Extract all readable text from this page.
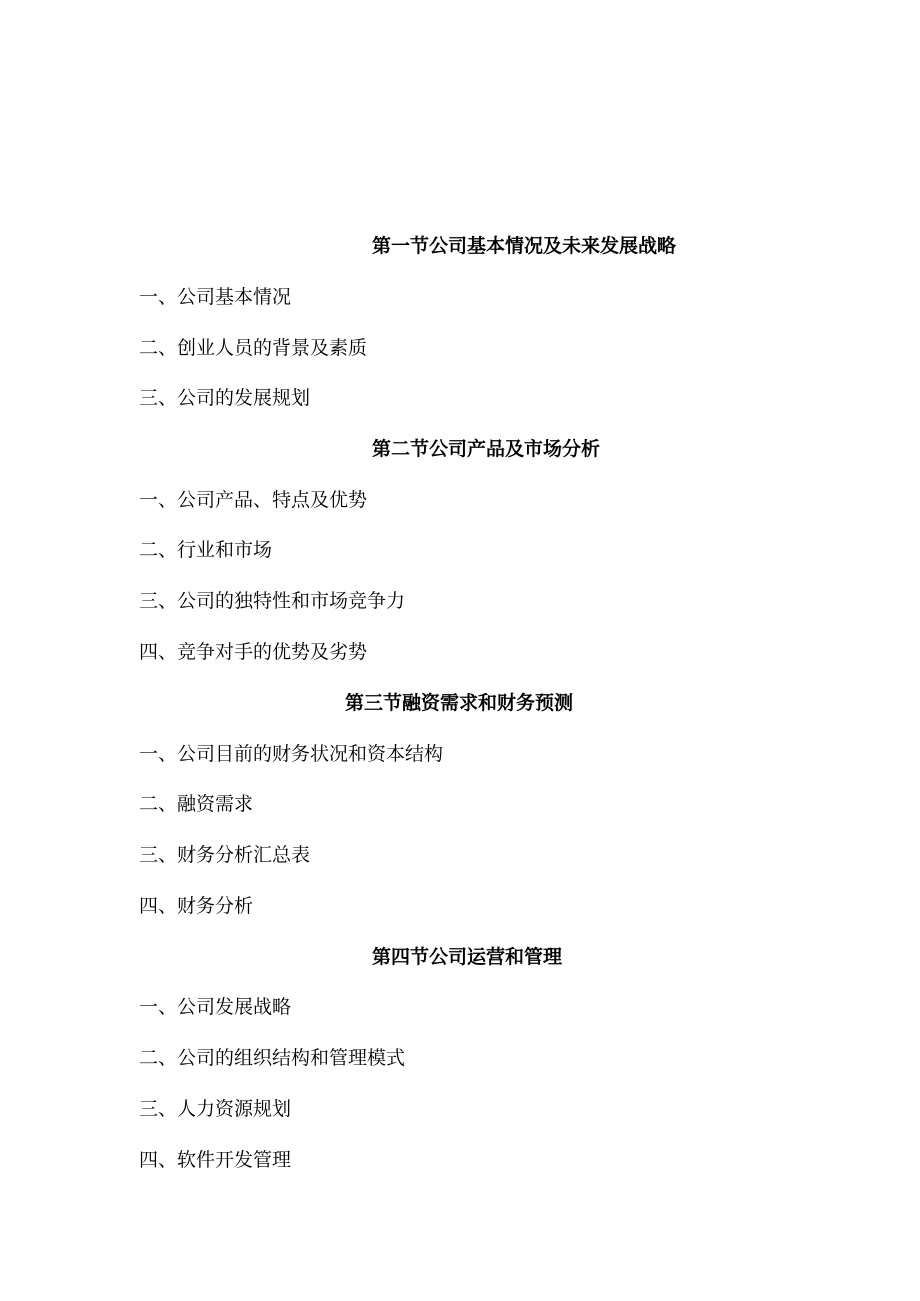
第一节公司基本情况及未来发展战略
一、公司基本情况
二、创业人员的背景及素质
三、公司的发展规划
第二节公司产品及市场分析
一、公司产品、特点及优势
二、行业和市场
三、公司的独特性和市场竞争力
四、竞争对手的优势及劣势
第三节融资需求和财务预测
一、公司目前的财务状况和资本结构
二、融资需求
三、财务分析汇总表
四、财务分析
第四节公司运营和管理
一、公司发展战略
二、公司的组织结构和管理模式
三、人力资源规划
四、软件开发管理
